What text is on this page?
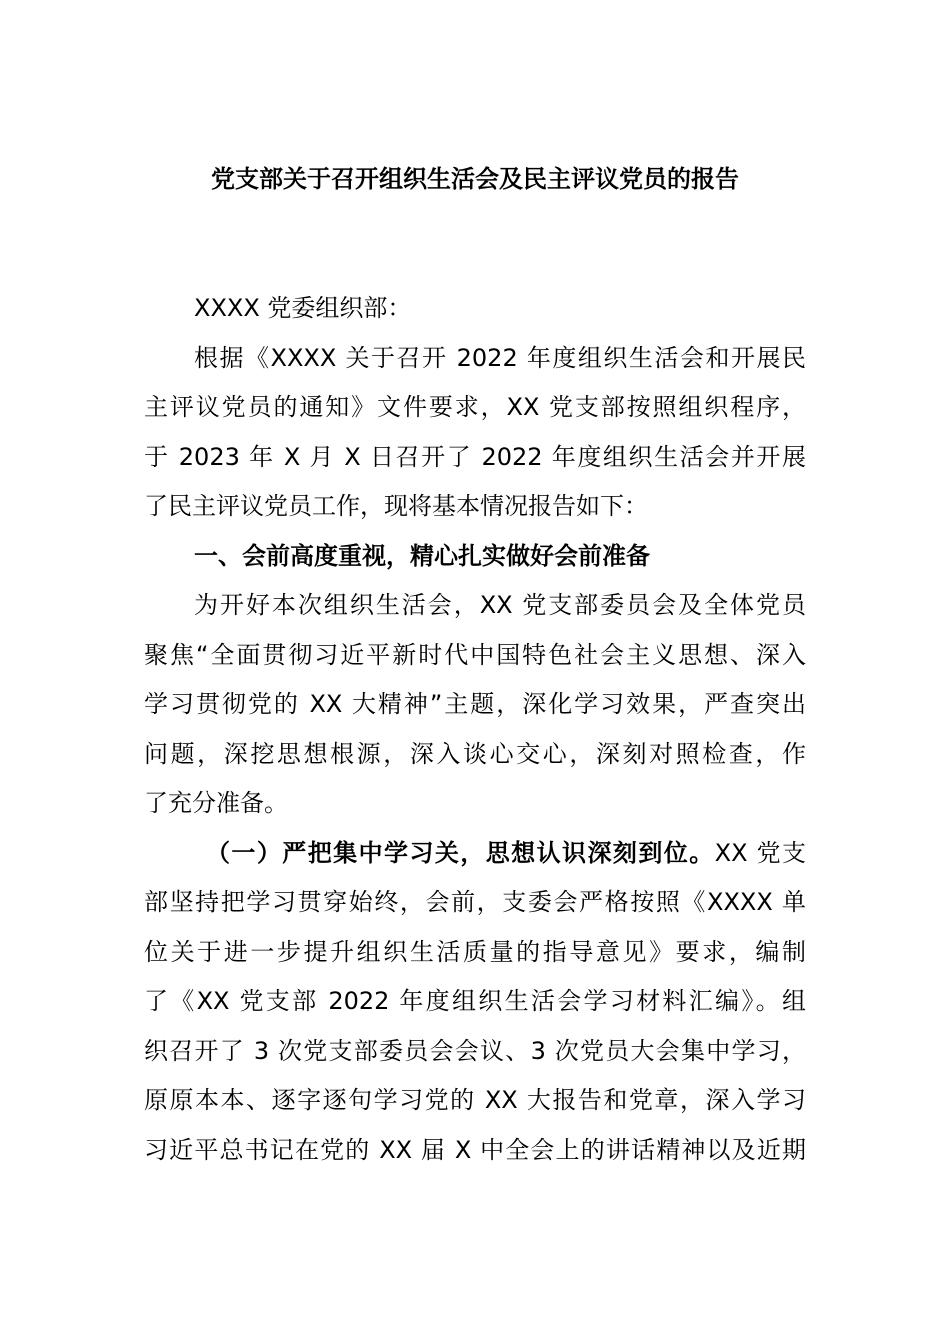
党支部关于召开组织生活会及民主评议党员的报告
XXXX 党委组织部：
根据《XXXX 关于召开 2022 年度组织生活会和开展民
主评议党员的通知》文件要求，XX 党支部按照组织程序，
于 2023 年 X 月 X 日召开了 2022 年度组织生活会并开展
了民主评议党员工作，现将基本情况报告如下：
一、会前高度重视，精心扎实做好会前准备
为开好本次组织生活会，XX 党支部委员会及全体党员
聚焦“全面贯彻习近平新时代中国特色社会主义思想、深入
学习贯彻党的 XX 大精神”主题，深化学习效果，严查突出
问题，深挖思想根源，深入谈心交心，深刻对照检查，作
了充分准备。
（一）严把集中学习关，思想认识深刻到位。XX 党支
部坚持把学习贯穿始终，会前，支委会严格按照《XXXX 单
位关于进一步提升组织生活质量的指导意见》要求，编制
了《XX 党支部 2022 年度组织生活会学习材料汇编》。组
织召开了 3 次党支部委员会会议、3 次党员大会集中学习，
原原本本、逐字逐句学习党的 XX 大报告和党章，深入学习
习近平总书记在党的 XX 届 X 中全会上的讲话精神以及近期
